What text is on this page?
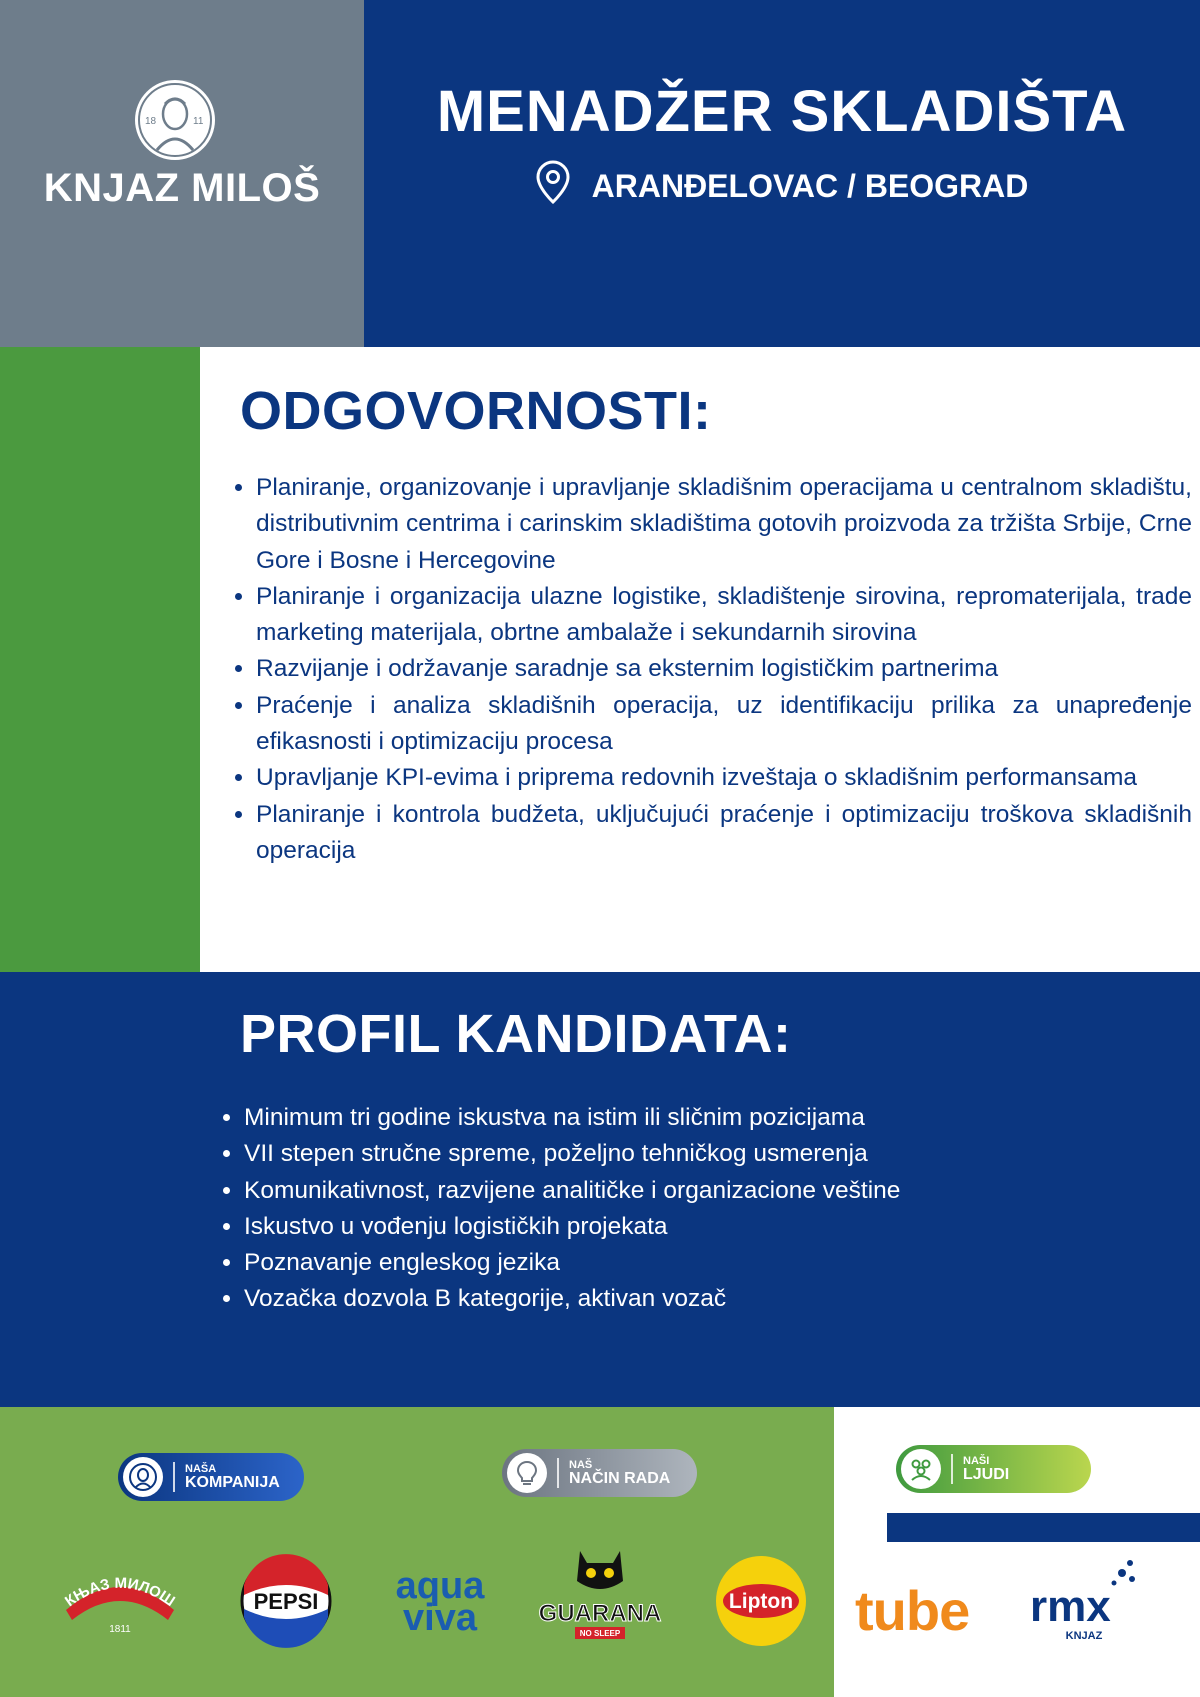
18	11
KNJAZ MILOŠ
MENADŽER SKLADIŠTA
ARANĐELOVAC / BEOGRAD
ODGOVORNOSTI:
• Planiranje, organizovanje i upravljanje skladišnim operacijama u centralnom skladištu, distributivnim centrima i carinskim skladištima gotovih proizvoda za tržišta Srbije, Crne Gore i Bosne i Hercegovine
• Planiranje i organizacija ulazne logistike, skladištenje sirovina, repromaterijala, trade marketing materijala, obrtne ambalaže i sekundarnih sirovina
• Razvijanje i održavanje saradnje sa eksternim logističkim partnerima
• Praćenje i analiza skladišnih operacija, uz identifikaciju prilika za unapređenje efikasnosti i optimizaciju procesa
• Upravljanje KPI-evima i priprema redovnih izveštaja o skladišnim performansama
• Planiranje i kontrola budžeta, uključujući praćenje i optimizaciju troškova skladišnih operacija
PROFIL KANDIDATA:
• Minimum tri godine iskustva na istim ili sličnim pozicijama
• VII stepen stručne spreme, poželjno tehničkog usmerenja
• Komunikativnost, razvijene analitičke i organizacione veštine
• Iskustvo u vođenju logističkih projekata
• Poznavanje engleskog jezika
• Vozačka dozvola B kategorije, aktivan vozač
NAŠA
KOMPANIJA
NAŠ
NAČIN RADA
NAŠI
LJUDI
КЊАЗ МИЛОШ
1811
PEPSI aqua
viva	GUARANA
NO SLEEP
Lipton tube rmx
KNJAZ
